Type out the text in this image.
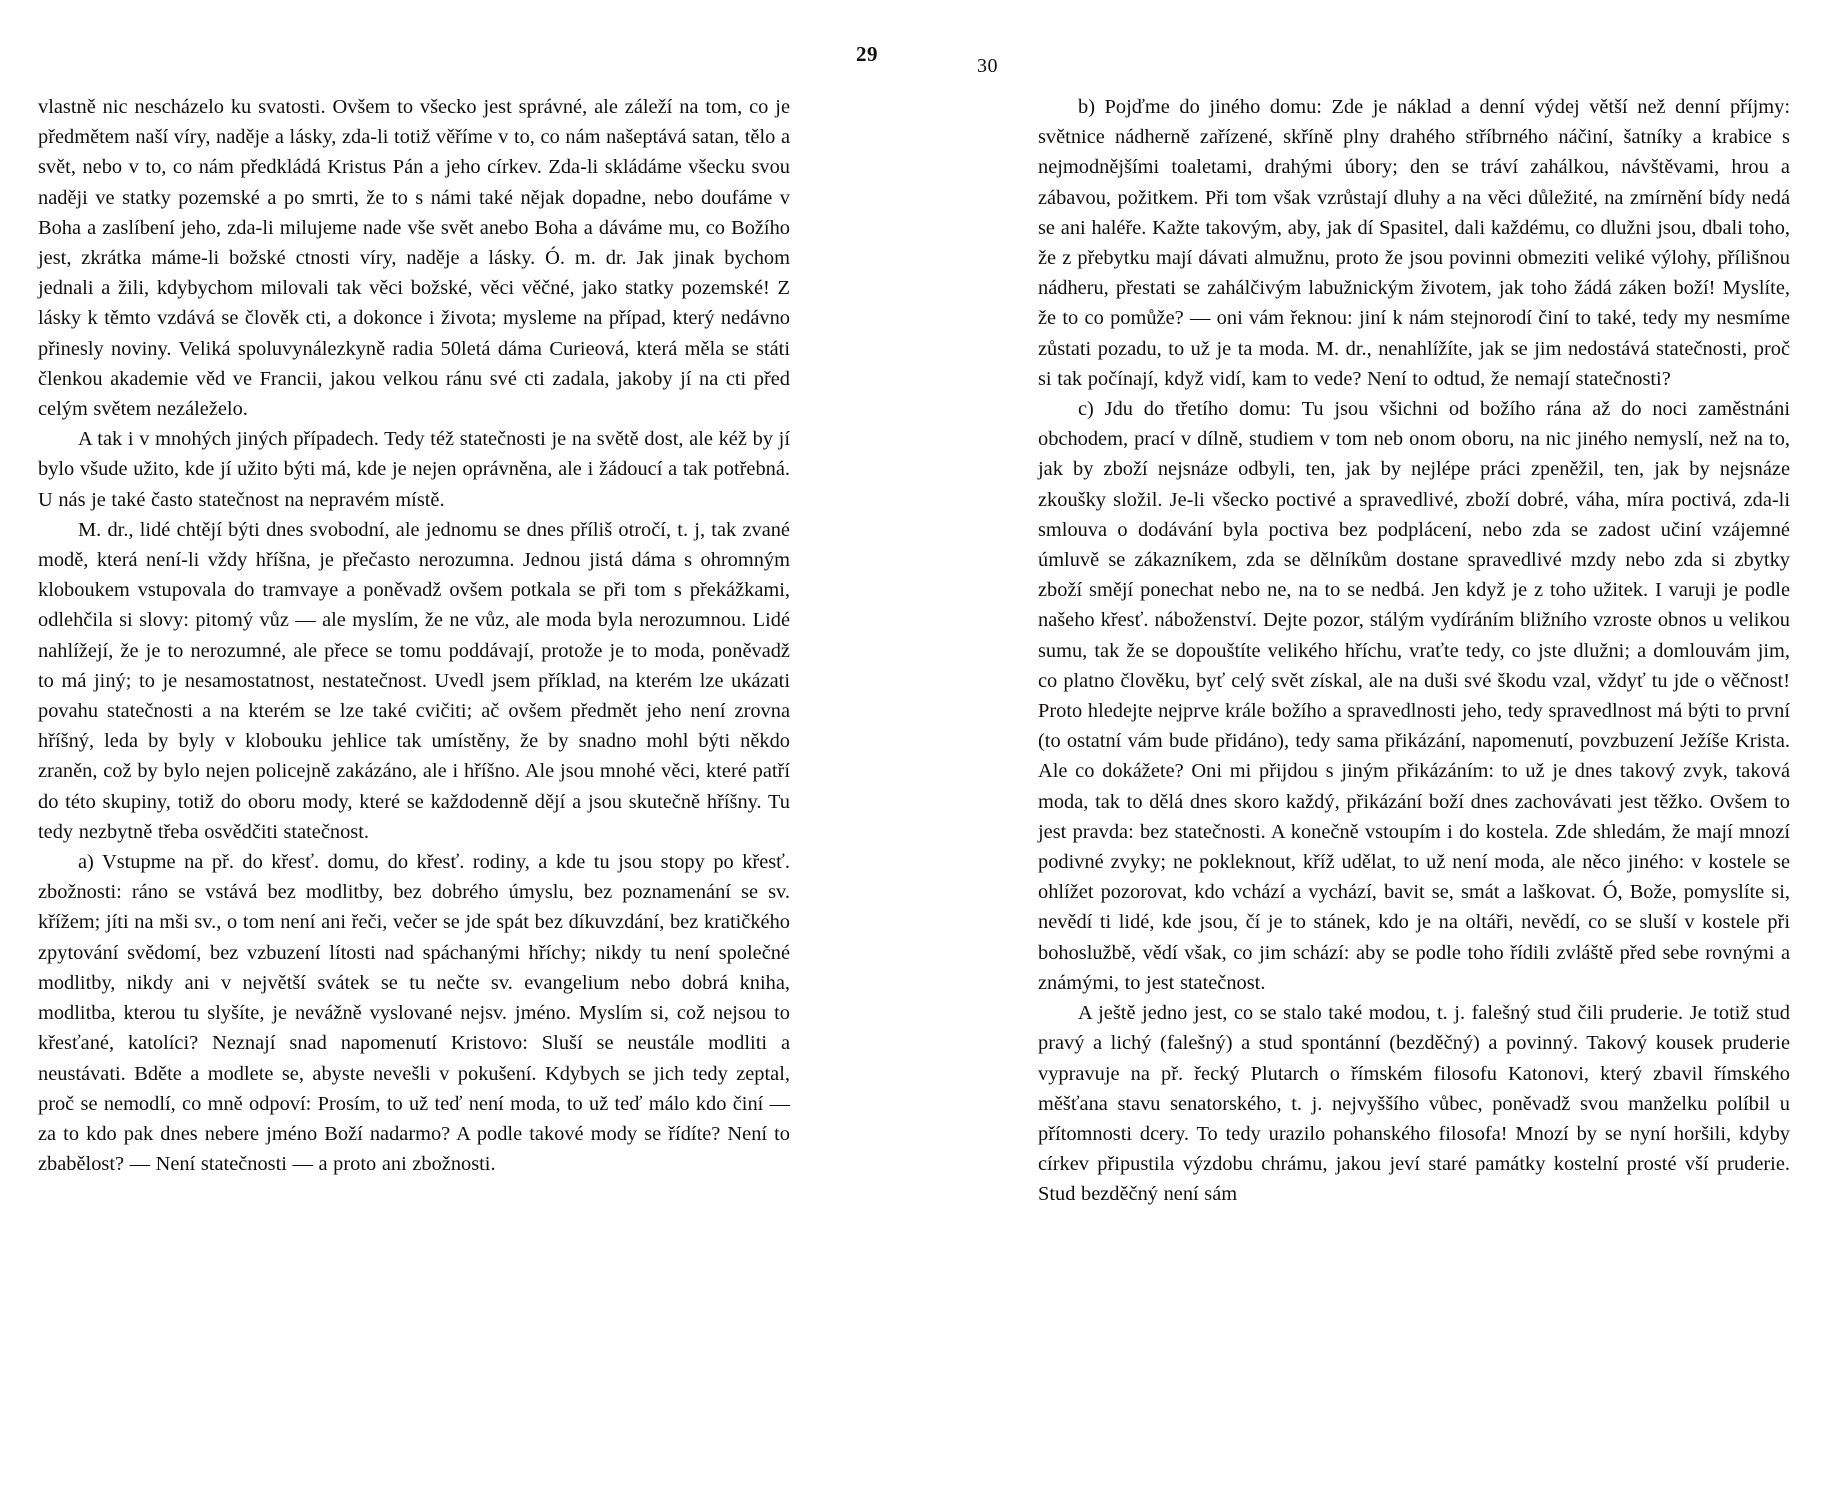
29	30

vlastně nic nescházelo ku svatosti. Ovšem to všecko jest správné, ale záleží na tom, co je předmětem naší víry, naděje a lásky, zda-li totiž věříme v to, co nám našeptává satan, tělo a svět, nebo v to, co nám předkládá Kristus Pán a jeho církev. Zda-li skládáme všecku svou naději ve statky pozemské a po smrti, že to s námi také nějak dopadne, nebo doufáme v Boha a zaslíbení jeho, zda-li milujeme nade vše svět anebo Boha a dáváme mu, co Božího jest, zkrátka máme-li božské ctnosti víry, naděje a lásky. Ó. m. dr. Jak jinak bychom jednali a žili, kdybychom milovali tak věci božské, věci věčné, jako statky pozemské! Z lásky k těmto vzdává se člověk cti, a dokonce i života; mysleme na případ, který nedávno přinesly noviny. Veliká spoluvynálezkyně radia 50letá dáma Curieová, která měla se státi členkou akademie věd ve Francii, jakou velkou ránu své cti zadala, jakoby jí na cti před celým světem nezáleželo.

A tak i v mnohých jiných případech. Tedy též statečnosti je na světě dost, ale kéž by jí bylo všude užito, kde jí užito býti má, kde je nejen oprávněna, ale i žádoucí a tak potřebná. U nás je také často statečnost na nepravém místě.

M. dr., lidé chtějí býti dnes svobodní, ale jednomu se dnes příliš otročí, t. j, tak zvané modě, která není-li vždy hříšna, je přečasto nerozumna. Jednou jistá dáma s ohromným kloboukem vstupovala do tramvaye a poněvadž ovšem potkala se při tom s překážkami, odlehčila si slovy: pitomý vůz — ale myslím, že ne vůz, ale moda byla nerozumnou. Lidé nahlížejí, že je to nerozumné, ale přece se tomu poddávají, protože je to moda, poněvadž to má jiný; to je nesamostatnost, nestatečnost. Uvedl jsem příklad, na kterém lze ukázati povahu statečnosti a na kterém se lze také cvičiti; ač ovšem předmět jeho není zrovna hříšný, leda by byly v klobouku jehlice tak umístěny, že by snadno mohl býti někdo zraněn, což by bylo nejen policejně zakázáno, ale i hříšno. Ale jsou mnohé věci, které patří do této skupiny, totiž do oboru mody, které se každodenně dějí a jsou skutečně hříšny. Tu tedy nezbytně třeba osvědčiti statečnost.

a) Vstupme na př. do křesť. domu, do křesť. rodiny, a kde tu jsou stopy po křesť. zbožnosti: ráno se vstává bez modlitby, bez dobrého úmyslu, bez poznamenání se sv. křížem; jíti na mši sv., o tom není ani řeči, večer se jde spát bez díkuvzdání, bez kratičkého zpytování svědomí, bez vzbuzení lítosti nad spáchanými hříchy; nikdy tu není společné modlitby, nikdy ani v největší svátek se tu nečte sv. evangelium nebo dobrá kniha, modlitba, kterou tu slyšíte, je nevážně vyslované nejsv. jméno. Myslím si, což nejsou to křesťané, katolíci? Neznají snad napomenutí Kristovo: Sluší se neustále modliti a neustávati. Bděte a modlete se, abyste nevešli v pokušení. Kdybych se jich tedy zeptal, proč se nemodlí, co mně odpoví: Prosím, to už teď není moda, to už teď málo kdo činí — za to kdo pak dnes nebere jméno Boží nadarmo? A podle takové mody se řídíte? Není to zbabělost? — Není statečnosti — a proto ani zbožnosti.

b) Pojďme do jiného domu: Zde je náklad a denní výdej větší než denní příjmy: světnice nádherně zařízené, skříně plny drahého stříbrného náčiní, šatníky a krabice s nejmodnějšími toaletami, drahými úbory; den se tráví zahálkou, návštěvami, hrou a zábavou, požitkem. Při tom však vzrůstají dluhy a na věci důležité, na zmírnění bídy nedá se ani haléře. Kažte takovým, aby, jak dí Spasitel, dali každému, co dlužni jsou, dbali toho, že z přebytku mají dávati almužnu, proto že jsou povinni obmeziti veliké výlohy, přílišnou nádheru, přestati se zahálčivým labužnickým životem, jak toho žádá záken boží! Myslíte, že to co pomůže? — oni vám řeknou: jiní k nám stejnorodí činí to také, tedy my nesmíme zůstati pozadu, to už je ta moda. M. dr., nenahlížíte, jak se jim nedostává statečnosti, proč si tak počínají, když vidí, kam to vede? Není to odtud, že nemají statečnosti?

c) Jdu do třetího domu: Tu jsou všichni od božího rána až do noci zaměstnáni obchodem, prací v dílně, studiem v tom neb onom oboru, na nic jiného nemyslí, než na to, jak by zboží nejsnáze odbyli, ten, jak by nejlépe práci zpeněžil, ten, jak by nejsnáze zkoušky složil. Je-li všecko poctivé a spravedlivé, zboží dobré, váha, míra poctivá, zda-li smlouva o dodávání byla poctiva bez podplácení, nebo zda se zadost učiní vzájemné úmluvě se zákazníkem, zda se dělníkům dostane spravedlivé mzdy nebo zda si zbytky zboží smějí ponechat nebo ne, na to se nedbá. Jen když je z toho užitek. I varuji je podle našeho křesť. náboženství. Dejte pozor, stálým vydíráním bližního vzroste obnos u velikou sumu, tak že se dopouštíte velikého hříchu, vraťte tedy, co jste dlužni; a domlouvám jim, co platno člověku, byť celý svět získal, ale na duši své škodu vzal, vždyť tu jde o věčnost! Proto hledejte nejprve krále božího a spravedlnosti jeho, tedy spravedlnost má býti to první (to ostatní vám bude přidáno), tedy sama přikázání, napomenutí, povzbuzení Ježíše Krista. Ale co dokážete? Oni mi přijdou s jiným přikázáním: to už je dnes takový zvyk, taková moda, tak to dělá dnes skoro každý, přikázání boží dnes zachovávati jest těžko. Ovšem to jest pravda: bez statečnosti. A konečně vstoupím i do kostela. Zde shledám, že mají mnozí podivné zvyky; ne pokleknout, kříž udělat, to už není moda, ale něco jiného: v kostele se ohlížet pozorovat, kdo vchází a vychází, bavit se, smát a laškovat. Ó, Bože, pomyslíte si, nevědí ti lidé, kde jsou, čí je to stánek, kdo je na oltáři, nevědí, co se sluší v kostele při bohoslužbě, vědí však, co jim schází: aby se podle toho řídili zvláště před sebe rovnými a známými, to jest statečnost.

A ještě jedno jest, co se stalo také modou, t. j. falešný stud čili pruderie. Je totiž stud pravý a lichý (falešný) a stud spontánní (bezděčný) a povinný. Takový kousek pruderie vypravuje na př. řecký Plutarch o římském filosofu Katonovi, který zbavil římského měšťana stavu senatorského, t. j. nejvyššího vůbec, poněvadž svou manželku políbil u přítomnosti dcery. To tedy urazilo pohanského filosofa! Mnozí by se nyní horšili, kdyby církev připustila výzdobu chrámu, jakou jeví staré památky kostelní prosté vší pruderie. Stud bezděčný není sám
